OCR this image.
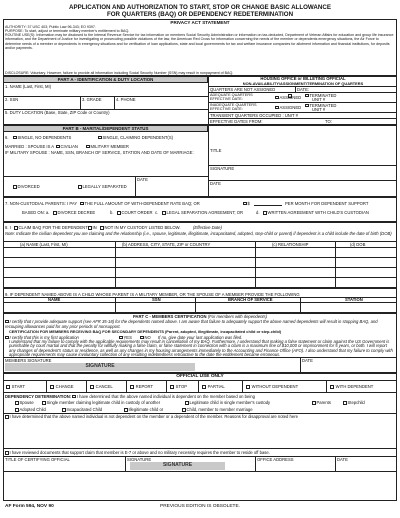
APPLICATION AND AUTHORIZATION TO START, STOP OR CHANGE BASIC ALLOWANCE
FOR QUARTERS (BAQ) OR DEPENDENCY REDETERMINATION
PRIVACY ACT STATEMENT
AUTHORITY: 37 USC 403; Public Law 96-343; EO 9397.
PURPOSE: To start, adjust or terminate military member's entitlement to BAQ.
ROUTINE USE(S): Information may be disclosed to the Internal Revenue Service for tax information on members Social Security Administration or information on tax-deducted, Department of Veteran Affairs for education and group life insurance information, and the Department of Justice for investigating or prosecuting possible violations of the law, the American Red Cross for information concerning the needs of the member or dependents emergency situations, the Air Force to determine needs of a member or dependents in emergency situations and for verification of loan applications, state and local governments for tax and welfare insurance companies for allotment information and financial institutions, for deposits and/or payments.
DISCLOSURE: Voluntary. However, failure to provide all information including Social Security Number (SSN) may result in nonpayment of BAQ.
PART A - IDENTIFICATION & DUTY LOCATION	HOUSING OFFICE or BILLETING OFFICIAL
NON-AVAILABILITY/ASSIGNMENT/TERMINATION OF QUARTERS
1. NAME (Last, First, MI)
2. SSN	3. GRADE	4. PHONE
5. DUTY LOCATION (Base, State, ZIP Code or Country)
QUARTERS ARE NOT ASSIGNED	DATE:
ADEQUATE QUARTERS EFFECTIVE DATE:	ASSIGNED	TERMINATED
UNIT #
INADEQUATE QUARTERS EFFECTIVE DATE:	ASSIGNED	TERMINATED
UNIT #
TRANSIENT QUARTERS OCCUPIED : UNIT #
EFFECTIVE DATES FROM:	TO:
PART B - MARITAL/DEPENDENT STATUS
6.	SINGLE, NO DEPENDENTS	SINGLE, CLAIMING DEPENDENT(S)
MARRIED : SPOUSE IS A	CIVILIAN	MILITARY MEMBER
IF MILITARY SPOUSE : NAME, SSN, BRANCH OF SERVICE, STATION AND DATE OF MARRIAGE:
DIVORCED	LEGALLY SEPARATED
DATE
TITLE
SIGNATURE
DATE
7. NON-CUSTODIAL PARENTS: I PAY	THE FULL AMOUNT OF WITH-DEPENDENT RATE BAQ; OR	$	PER MONTH FOR DEPENDENT SUPPORT
BASED ON: a.	DIVORCE DECREE	b.	COURT ORDER c.	LEGAL SEPARATION AGREEMENT; OR	d.	WRITTEN AGREEMENT WITH CHILD'S CUSTODIAN
8. I	CLAIM BAQ FOR THE DEPENDENT	IN	NOT IN MY CUSTODY LISTED BELOW.	(Effective Date)
Note: Indicate the civilian dependent you are claiming and the relationship (i.e., spouse, legitimate, illegitimate, incapacitated, adopted, step-child or parent) if dependent is a child include the date of birth (DOB)
(a) NAME (Last, First, MI)	(b) ADDRESS, CITY, STATE, ZIP or COUNTRY	(c) RELATIONSHIP	(d) DOB
9. IF DEPENDENT NAMED ABOVE IS A CHILD WHOSE PARENT IS A MILITARY MEMBER, OR THE SPOUSE OF A MEMBER PROVIDE THE FOLLOWING
NAME	SSN	BRANCH OF SERVICE	STATION
PART C - MEMBERS CERTIFICATION (For members with dependents)
I certify that I provide adequate support (see AFR 35-18) for the dependents named above. I am aware that failure to adequately support the above named dependents will result in stopping BAQ, and recouping allowances paid for any prior periods of nonsupport.
CERTIFICATION FOR MEMBERS RECEIVING BAQ FOR SECONDARY DEPENDENTS (Parent, adopted, illegitimate, incapacitated child or step-child)
I certify that this is my first application	YES	NO If no, give date your last application was filed.
I understand that my failure to comply with the applicable requirements may result in cancellation of my BAQ. Furthermore, I understand that making a false statement or claim against the US Government is punishable by court martial and that the penalty for willfully making a false claim, or false statement in connection with a claim is a maximum fine of $10,000 or imprisonment for 5 years, or both. I will report any changes of dependent's status or residence, as well as any changes in my housing arrangements immediately to the Accounting and Finance Office (AFO). I also understand that my failure to comply with appropriate requirements may cause involuntary collection of any resulting indebtedness retroactive to the date the entitlement became erroneous.
MEMBERS SIGNATURE
SIGNATURE
DATE
OFFICIAL USE ONLY
START	CHANGE	CANCEL	REPORT	STOP	PARTIAL	WITHOUT DEPENDENT	WITH DEPENDENT
DEPENDENCY DETERMINATION: I have determined that the above named individual is dependent on the member based on being
Spouse	Single member claiming legitimate child in custody of another	Legitimate child in single member's custody	Parents	Stepchild
Adopted Child	Incapacitated Child	Illegitimate child or	Child, member to member marriage
I have determined that the above named individual is not dependent on the member or a dependent of the member. Reasons for disapproval are noted here
I have reviewed documents that support claim that member is E-7 or above and no military necessity requires the member to reside off base.
TITLE OF CERTIFYING OFFICIAL	SIGNATURE
SIGNATURE
OFFICE ADDRESS	DATE
AF Form 594, NOV 90	PREVIOUS EDITION IS OBSOLETE.
